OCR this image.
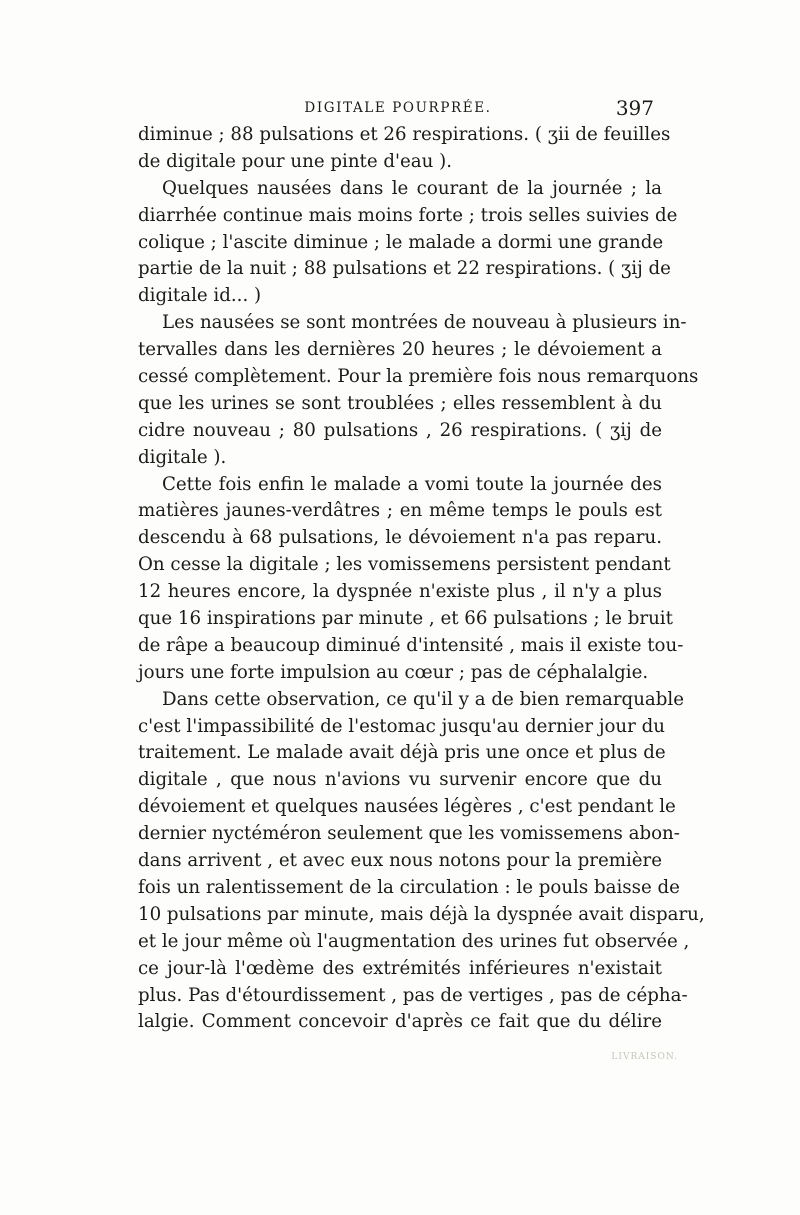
DIGITALE POURPRÉE.	397
diminue ; 88 pulsations et 26 respirations. ( ʒii de feuilles
de digitale pour une pinte d'eau ).
Quelques nausées dans le courant de la journée ; la
diarrhée continue mais moins forte ; trois selles suivies de
colique ; l'ascite diminue ; le malade a dormi une grande
partie de la nuit ; 88 pulsations et 22 respirations. ( ʒij de
digitale id... )
Les nausées se sont montrées de nouveau à plusieurs in-
tervalles dans les dernières 20 heures ; le dévoiement a
cessé complètement. Pour la première fois nous remarquons
que les urines se sont troublées ; elles ressemblent à du
cidre nouveau ; 80 pulsations , 26 respirations. ( ʒij de
digitale ).
Cette fois enfin le malade a vomi toute la journée des
matières jaunes-verdâtres ; en même temps le pouls est
descendu à 68 pulsations, le dévoiement n'a pas reparu.
On cesse la digitale ; les vomissemens persistent pendant
12 heures encore, la dyspnée n'existe plus , il n'y a plus
que 16 inspirations par minute , et 66 pulsations ; le bruit
de râpe a beaucoup diminué d'intensité , mais il existe tou-
jours une forte impulsion au cœur ; pas de céphalalgie.
Dans cette observation, ce qu'il y a de bien remarquable
c'est l'impassibilité de l'estomac jusqu'au dernier jour du
traitement. Le malade avait déjà pris une once et plus de
digitale , que nous n'avions vu survenir encore que du
dévoiement et quelques nausées légères , c'est pendant le
dernier nyctéméron seulement que les vomissemens abon-
dans arrivent , et avec eux nous notons pour la première
fois un ralentissement de la circulation : le pouls baisse de
10 pulsations par minute, mais déjà la dyspnée avait disparu,
et le jour même où l'augmentation des urines fut observée ,
ce jour-là l'œdème des extrémités inférieures n'existait
plus. Pas d'étourdissement , pas de vertiges , pas de cépha-
lalgie. Comment concevoir d'après ce fait que du délire
LIVRAISON.
